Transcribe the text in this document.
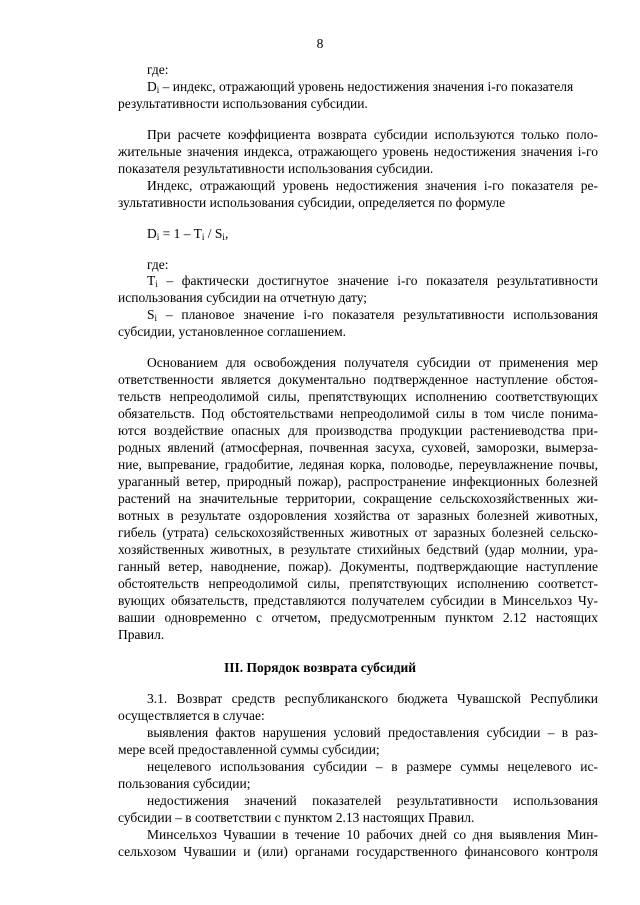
8
где:
$D_i$ – индекс, отражающий уровень недостижения значения i-го показателя
результативности использования субсидии.
При расчете коэффициента возврата субсидии используются только поло-
жительные значения индекса, отражающего уровень недостижения значения i-го
показателя результативности использования субсидии.
Индекс, отражающий уровень недостижения значения i-го показателя ре-
зультативности использования субсидии, определяется по формуле
$D_i = 1 - T_i / S_i$,
где:
$T_i$ – фактически достигнутое значение i-го показателя результативности
использования субсидии на отчетную дату;
$S_i$ – плановое значение i-го показателя результативности использования
субсидии, установленное соглашением.
Основанием для освобождения получателя субсидии от применения мер
ответственности является документально подтвержденное наступление обстоя-
тельств непреодолимой силы, препятствующих исполнению соответствующих
обязательств. Под обстоятельствами непреодолимой силы в том числе понима-
ются воздействие опасных для производства продукции растениеводства при-
родных явлений (атмосферная, почвенная засуха, суховей, заморозки, вымерза-
ние, выпревание, градобитие, ледяная корка, половодье, переувлажнение почвы,
ураганный ветер, природный пожар), распространение инфекционных болезней
растений на значительные территории, сокращение сельскохозяйственных жи-
вотных в результате оздоровления хозяйства от заразных болезней животных,
гибель (утрата) сельскохозяйственных животных от заразных болезней сельско-
хозяйственных животных, в результате стихийных бедствий (удар молнии, ура-
ганный ветер, наводнение, пожар). Документы, подтверждающие наступление
обстоятельств непреодолимой силы, препятствующих исполнению соответст-
вующих обязательств, представляются получателем субсидии в Минсельхоз Чу-
вашии одновременно с отчетом, предусмотренным пунктом 2.12 настоящих
Правил.
III. Порядок возврата субсидий
3.1. Возврат средств республиканского бюджета Чувашской Республики
осуществляется в случае:
выявления фактов нарушения условий предоставления субсидии – в раз-
мере всей предоставленной суммы субсидии;
нецелевого использования субсидии – в размере суммы нецелевого ис-
пользования субсидии;
недостижения значений показателей результативности использования
субсидии – в соответствии с пунктом 2.13 настоящих Правил.
Минсельхоз Чувашии в течение 10 рабочих дней со дня выявления Мин-
сельхозом Чувашии и (или) органами государственного финансового контроля
